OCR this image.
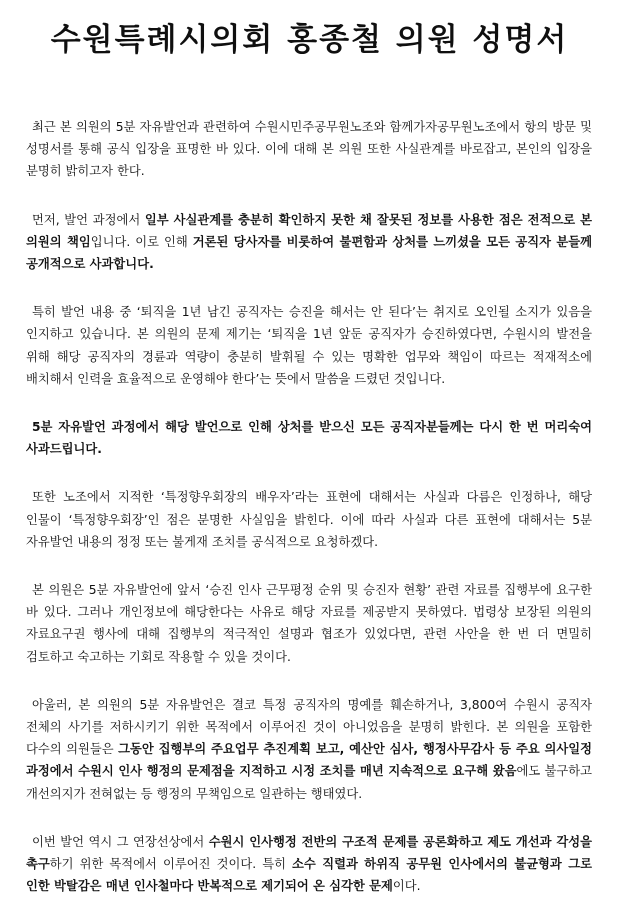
수원특례시의회 홍종철 의원 성명서

최근 본 의원의 5분 자유발언과 관련하여 수원시민주공무원노조와 함께가자공무원노조에서 항의 방문 및 성명서를 통해 공식 입장을 표명한 바 있다. 이에 대해 본 의원 또한 사실관계를 바로잡고, 본인의 입장을 분명히 밝히고자 한다.

먼저, 발언 과정에서 일부 사실관계를 충분히 확인하지 못한 채 잘못된 정보를 사용한 점은 전적으로 본 의원의 책임입니다. 이로 인해 거론된 당사자를 비롯하여 불편함과 상처를 느끼셨을 모든 공직자 분들께 공개적으로 사과합니다.

특히 발언 내용 중 ‘퇴직을 1년 남긴 공직자는 승진을 해서는 안 된다’는 취지로 오인될 소지가 있음을 인지하고 있습니다. 본 의원의 문제 제기는 ‘퇴직을 1년 앞둔 공직자가 승진하였다면, 수원시의 발전을 위해 해당 공직자의 경륜과 역량이 충분히 발휘될 수 있는 명확한 업무와 책임이 따르는 적재적소에 배치해서 인력을 효율적으로 운영해야 한다’는 뜻에서 말씀을 드렸던 것입니다.

5분 자유발언 과정에서 해당 발언으로 인해 상처를 받으신 모든 공직자분들께는 다시 한 번 머리숙여 사과드립니다.

또한 노조에서 지적한 ‘특정향우회장의 배우자’라는 표현에 대해서는 사실과 다름은 인정하나, 해당 인물이 ‘특정향우회장’인 점은 분명한 사실임을 밝힌다. 이에 따라 사실과 다른 표현에 대해서는 5분 자유발언 내용의 정정 또는 불게재 조치를 공식적으로 요청하겠다.

본 의원은 5분 자유발언에 앞서 ‘승진 인사 근무평정 순위 및 승진자 현황’ 관련 자료를 집행부에 요구한 바 있다. 그러나 개인정보에 해당한다는 사유로 해당 자료를 제공받지 못하였다. 법령상 보장된 의원의 자료요구권 행사에 대해 집행부의 적극적인 설명과 협조가 있었다면, 관련 사안을 한 번 더 면밀히 검토하고 숙고하는 기회로 작용할 수 있을 것이다.

아울러, 본 의원의 5분 자유발언은 결코 특정 공직자의 명예를 훼손하거나, 3,800여 수원시 공직자 전체의 사기를 저하시키기 위한 목적에서 이루어진 것이 아니었음을 분명히 밝힌다. 본 의원을 포함한 다수의 의원들은 그동안 집행부의 주요업무 추진계획 보고, 예산안 심사, 행정사무감사 등 주요 의사일정 과정에서 수원시 인사 행정의 문제점을 지적하고 시정 조치를 매년 지속적으로 요구해 왔음에도 불구하고 개선의지가 전혀없는 등 행정의 무책임으로 일관하는 행태였다.

이번 발언 역시 그 연장선상에서 수원시 인사행정 전반의 구조적 문제를 공론화하고 제도 개선과 각성을 촉구하기 위한 목적에서 이루어진 것이다. 특히 소수 직렬과 하위직 공무원 인사에서의 불균형과 그로 인한 박탈감은 매년 인사철마다 반복적으로 제기되어 온 심각한 문제이다.
